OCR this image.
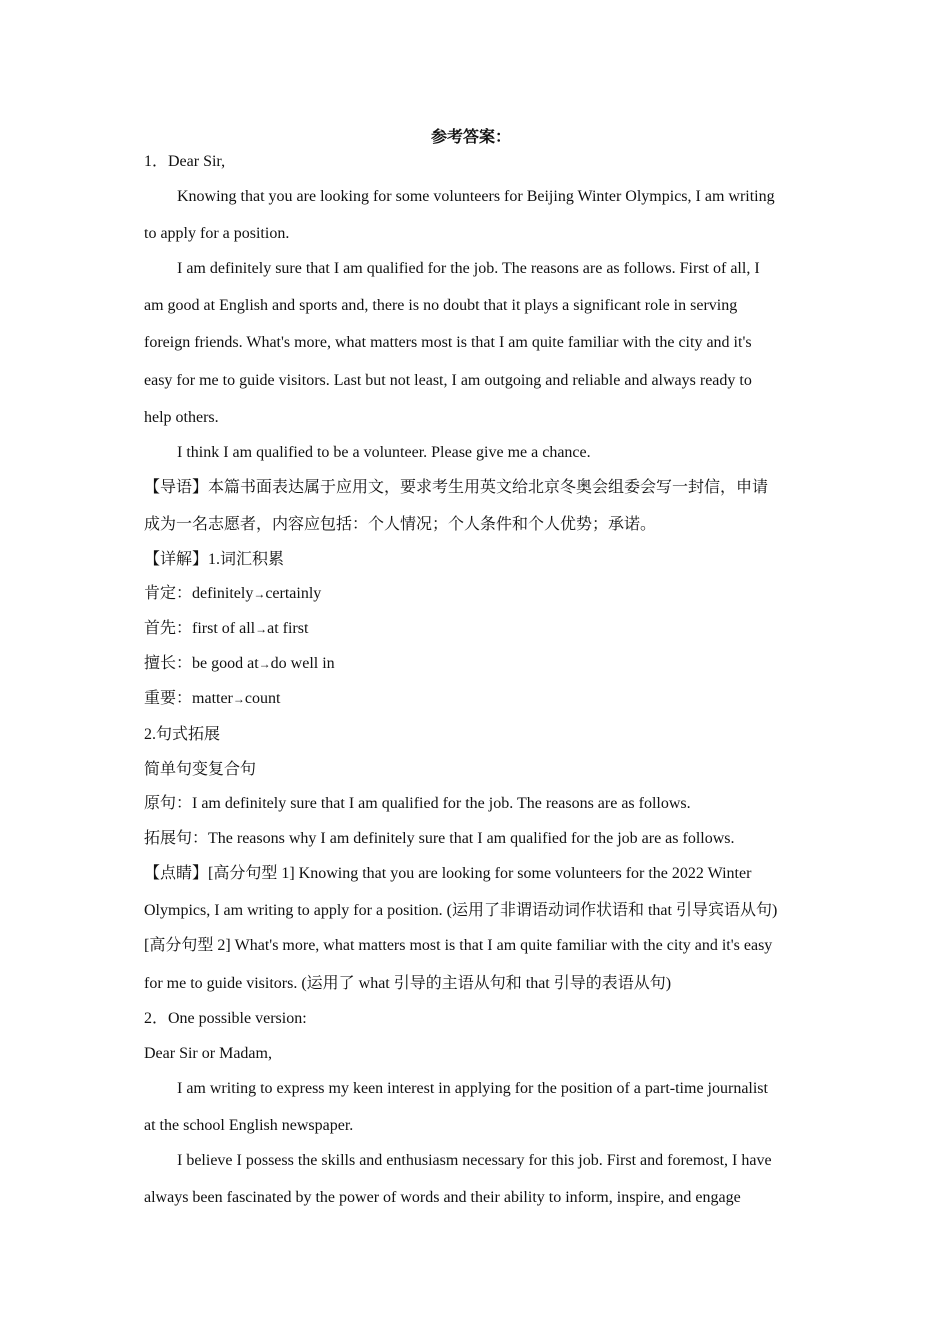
参考答案：
1．Dear Sir,
Knowing that you are looking for some volunteers for Beijing Winter Olympics, I am writing
to apply for a position.
I am definitely sure that I am qualified for the job. The reasons are as follows. First of all, I
am good at English and sports and, there is no doubt that it plays a significant role in serving
foreign friends. What's more, what matters most is that I am quite familiar with the city and it's
easy for me to guide visitors. Last but not least, I am outgoing and reliable and always ready to
help others.
I think I am qualified to be a volunteer. Please give me a chance.
【导语】本篇书面表达属于应用文，要求考生用英文给北京冬奥会组委会写一封信，申请
成为一名志愿者，内容应包括：个人情况；个人条件和个人优势；承诺。
【详解】1.词汇积累
2.句式拓展
简单句变复合句
原句：I am definitely sure that I am qualified for the job. The reasons are as follows.
拓展句：The reasons why I am definitely sure that I am qualified for the job are as follows.
【点睛】[高分句型 1] Knowing that you are looking for some volunteers for the 2022 Winter
Olympics, I am writing to apply for a position. (运用了非谓语动词作状语和 that 引导宾语从句)
[高分句型 2] What's more, what matters most is that I am quite familiar with the city and it's easy
for me to guide visitors. (运用了 what 引导的主语从句和 that 引导的表语从句)
2．One possible version:
Dear Sir or Madam,
I am writing to express my keen interest in applying for the position of a part-time journalist
at the school English newspaper.
I believe I possess the skills and enthusiasm necessary for this job. First and foremost, I have
always been fascinated by the power of words and their ability to inform, inspire, and engage
肯定：definitely→certainly
首先：first of all→at first
擅长：be good at→do well in
重要：matter→count
